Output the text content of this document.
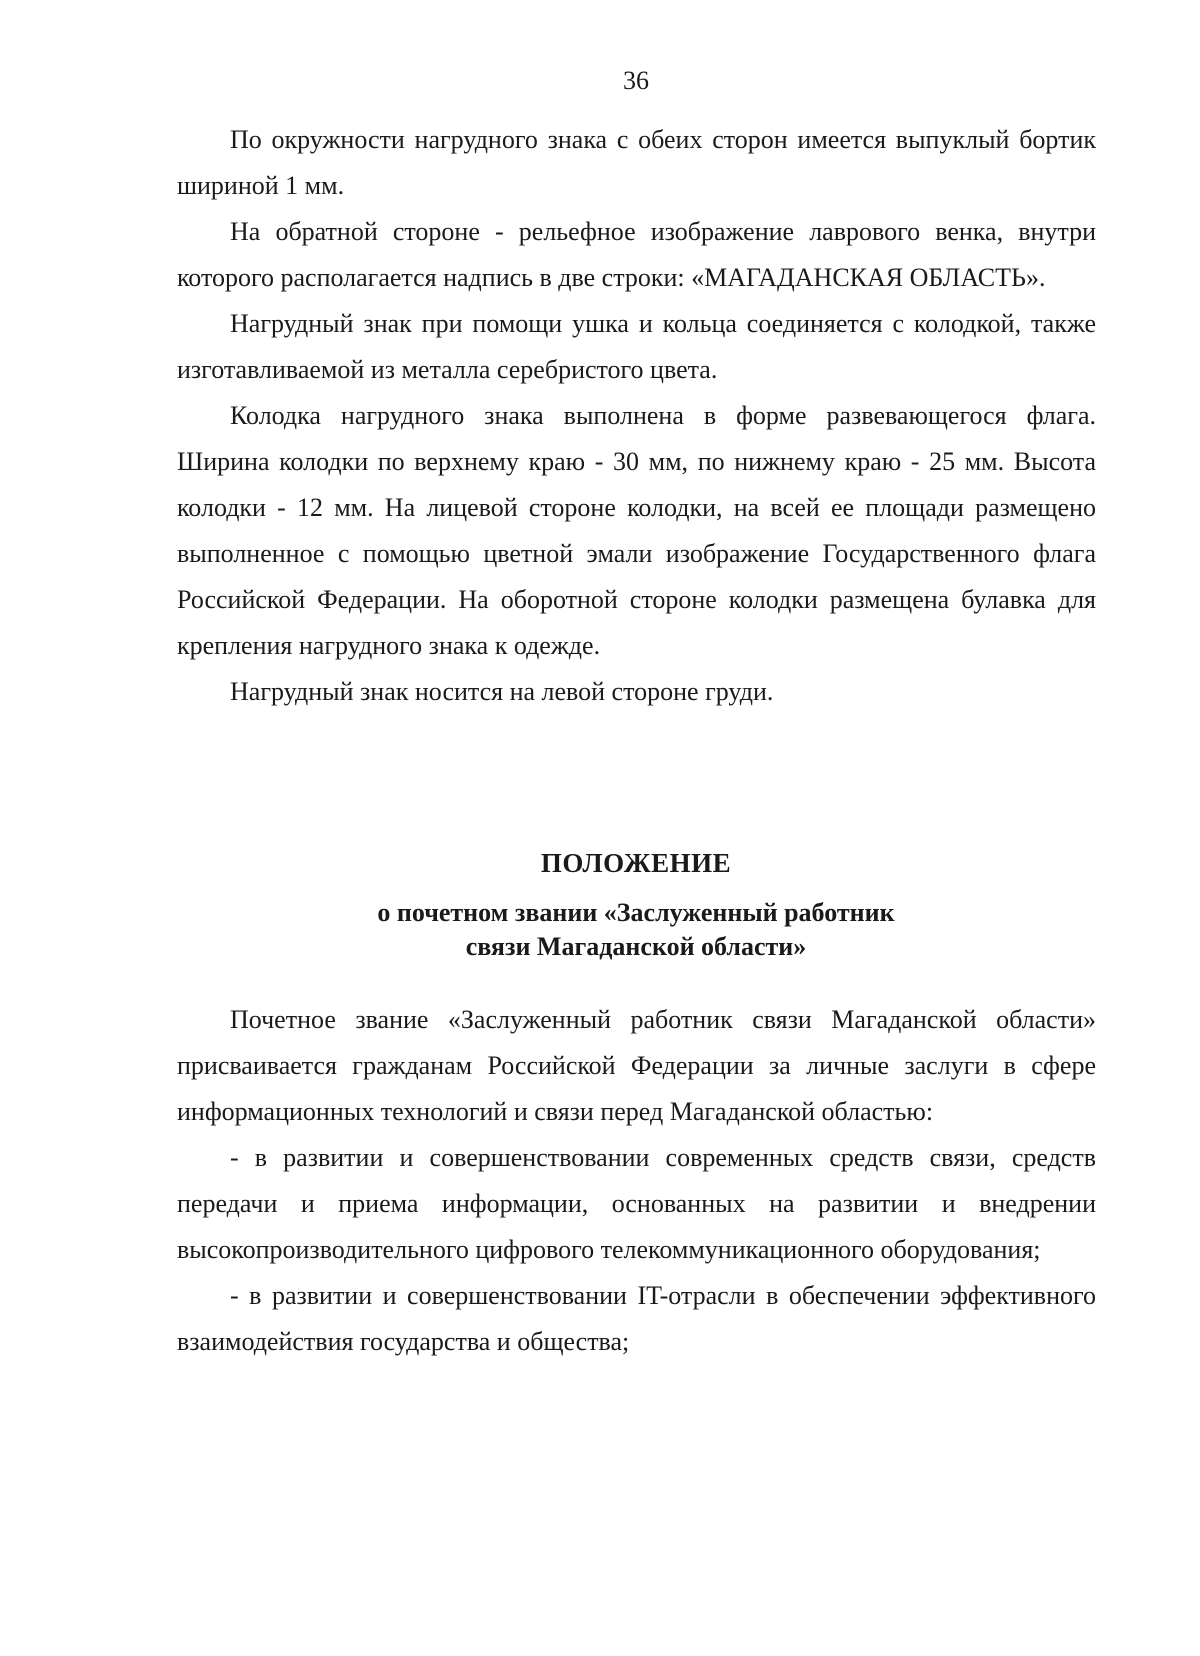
36

По окружности нагрудного знака с обеих сторон имеется выпуклый бортик шириной 1 мм.

На обратной стороне - рельефное изображение лаврового венка, внутри которого располагается надпись в две строки: «МАГАДАНСКАЯ ОБЛАСТЬ».

Нагрудный знак при помощи ушка и кольца соединяется с колодкой, также изготавливаемой из металла серебристого цвета.

Колодка нагрудного знака выполнена в форме развевающегося флага. Ширина колодки по верхнему краю - 30 мм, по нижнему краю - 25 мм. Высота колодки - 12 мм. На лицевой стороне колодки, на всей ее площади размещено выполненное с помощью цветной эмали изображение Государственного флага Российской Федерации. На оборотной стороне колодки размещена булавка для крепления нагрудного знака к одежде.

Нагрудный знак носится на левой стороне груди.

ПОЛОЖЕНИЕ
о почетном звании «Заслуженный работник
связи Магаданской области»

Почетное звание «Заслуженный работник связи Магаданской области» присваивается гражданам Российской Федерации за личные заслуги в сфере информационных технологий и связи перед Магаданской областью:

- в развитии и совершенствовании современных средств связи, средств передачи и приема информации, основанных на развитии и внедрении высокопроизводительного цифрового телекоммуникационного оборудования;

- в развитии и совершенствовании IT-отрасли в обеспечении эффективного взаимодействия государства и общества;
